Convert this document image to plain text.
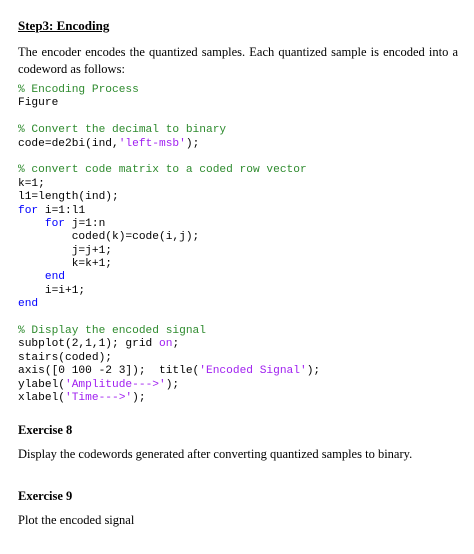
Step3: Encoding

The encoder encodes the quantized samples. Each quantized sample is encoded into a codeword as follows:

% Encoding Process
Figure
% Convert the decimal to binary
code=de2bi(ind,'left-msb');
% convert code matrix to a coded row vector
k=1;
l1=length(ind);
for i=1:l1
for j=1:n
coded(k)=code(i,j);
j=j+1;
k=k+1;
end
i=i+1;
end
% Display the encoded signal
subplot(2,1,1); grid on;
stairs(coded);
axis([0 100 -2 3]);  title('Encoded Signal');
ylabel('Amplitude--->');
xlabel('Time--->');

Exercise 8

Display the codewords generated after converting quantized samples to binary.

Exercise 9

Plot the encoded signal
